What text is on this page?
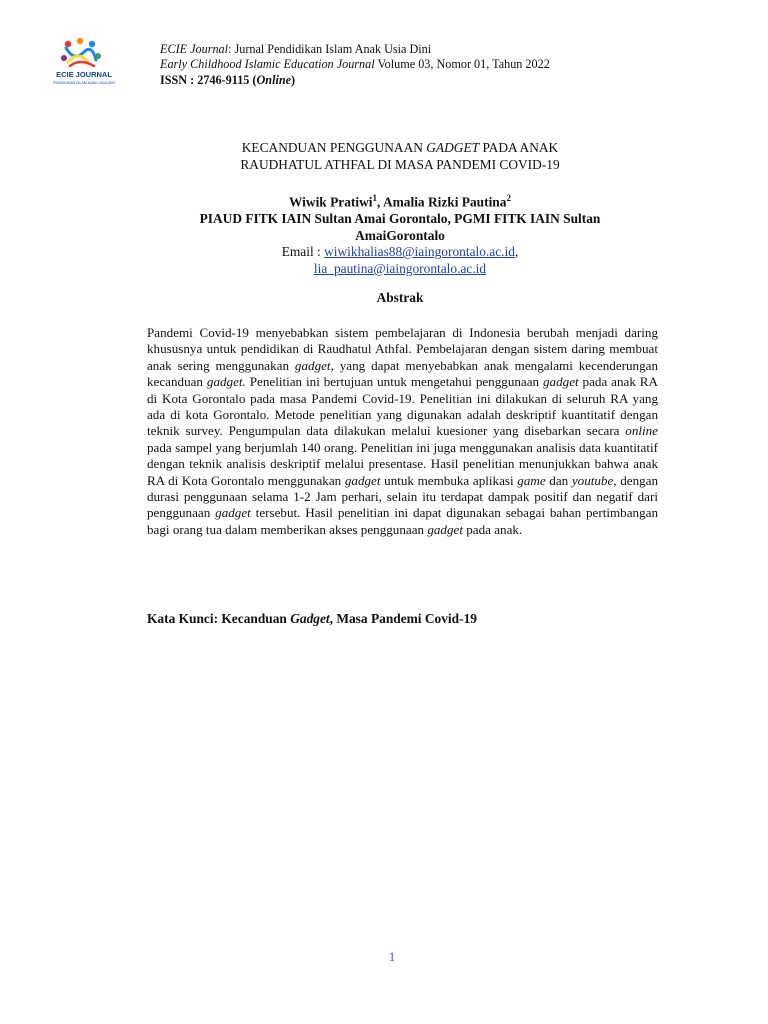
ECIE JOURNAL
PENDIDIKAN ISLAM ANAK USIA DINI
ECIE Journal: Jurnal Pendidikan Islam Anak Usia Dini
Early Childhood Islamic Education Journal Volume 03, Nomor 01, Tahun 2022
ISSN : 2746-9115 (Online)
KECANDUAN PENGGUNAAN GADGET PADA ANAK
RAUDHATUL ATHFAL DI MASA PANDEMI COVID-19
Wiwik Pratiwi$^1$, Amalia Rizki Pautina$^2$
PIAUD FITK IAIN Sultan Amai Gorontalo, PGMI FITK IAIN Sultan
AmaiGorontalo
Email : wiwikhalias88@iaingorontalo.ac.id,
lia_pautina@iaingorontalo.ac.id
Abstrak
Pandemi Covid-19 menyebabkan sistem pembelajaran di Indonesia berubah menjadi daring khususnya untuk pendidikan di Raudhatul Athfal. Pembelajaran dengan sistem daring membuat anak sering menggunakan gadget, yang dapat menyebabkan anak mengalami kecenderungan kecanduan gadget. Penelitian ini bertujuan untuk mengetahui penggunaan gadget pada anak RA di Kota Gorontalo pada masa Pandemi Covid-19. Penelitian ini dilakukan di seluruh RA yang ada di kota Gorontalo. Metode penelitian yang digunakan adalah deskriptif kuantitatif dengan teknik survey. Pengumpulan data dilakukan melalui kuesioner yang disebarkan secara online pada sampel yang berjumlah 140 orang. Penelitian ini juga menggunakan analisis data kuantitatif dengan teknik analisis deskriptif melalui presentase. Hasil penelitian menunjukkan bahwa anak RA di Kota Gorontalo menggunakan gadget untuk membuka aplikasi game dan youtube, dengan durasi penggunaan selama 1-2 Jam perhari, selain itu terdapat dampak positif dan negatif dari penggunaan gadget tersebut. Hasil penelitian ini dapat digunakan sebagai bahan pertimbangan bagi orang tua dalam memberikan akses penggunaan gadget pada anak.
Kata Kunci: Kecanduan Gadget, Masa Pandemi Covid-19
1
